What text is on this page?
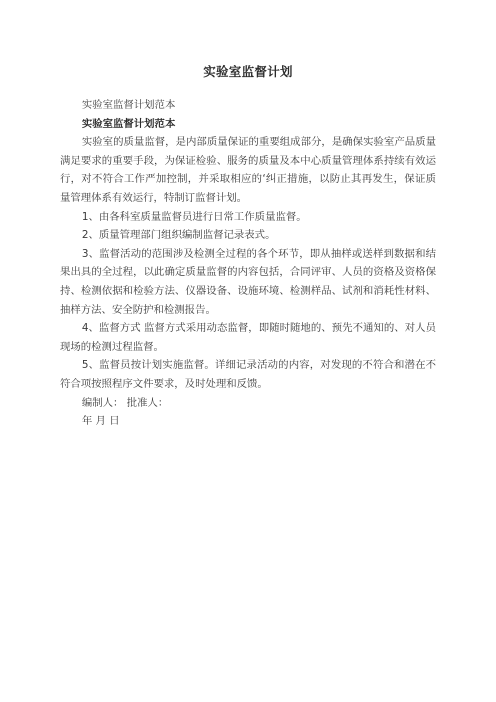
实验室监督计划

实验室监督计划范本

实验室监督计划范本

实验室的质量监督，是内部质量保证的重要组成部分，是确保实验室产品质量满足要求的重要手段，为保证检验、服务的质量及本中心质量管理体系持续有效运行，对不符合工作严加控制，并采取相应的‘纠正措施，以防止其再发生，保证质量管理体系有效运行，特制订监督计划。

1、由各科室质量监督员进行日常工作质量监督。

2、质量管理部门组织编制监督记录表式。

3、监督活动的范围涉及检测全过程的各个环节，即从抽样或送样到数据和结果出具的全过程，以此确定质量监督的内容包括，合同评审、人员的资格及资格保持、检测依据和检验方法、仪器设备、设施环境、检测样品、试剂和消耗性材料、抽样方法、安全防护和检测报告。

4、监督方式 监督方式采用动态监督，即随时随地的、预先不通知的、对人员现场的检测过程监督。

5、监督员按计划实施监督。详细记录活动的内容，对发现的不符合和潜在不符合项按照程序文件要求，及时处理和反馈。

编制人： 批准人：

年 月 日
